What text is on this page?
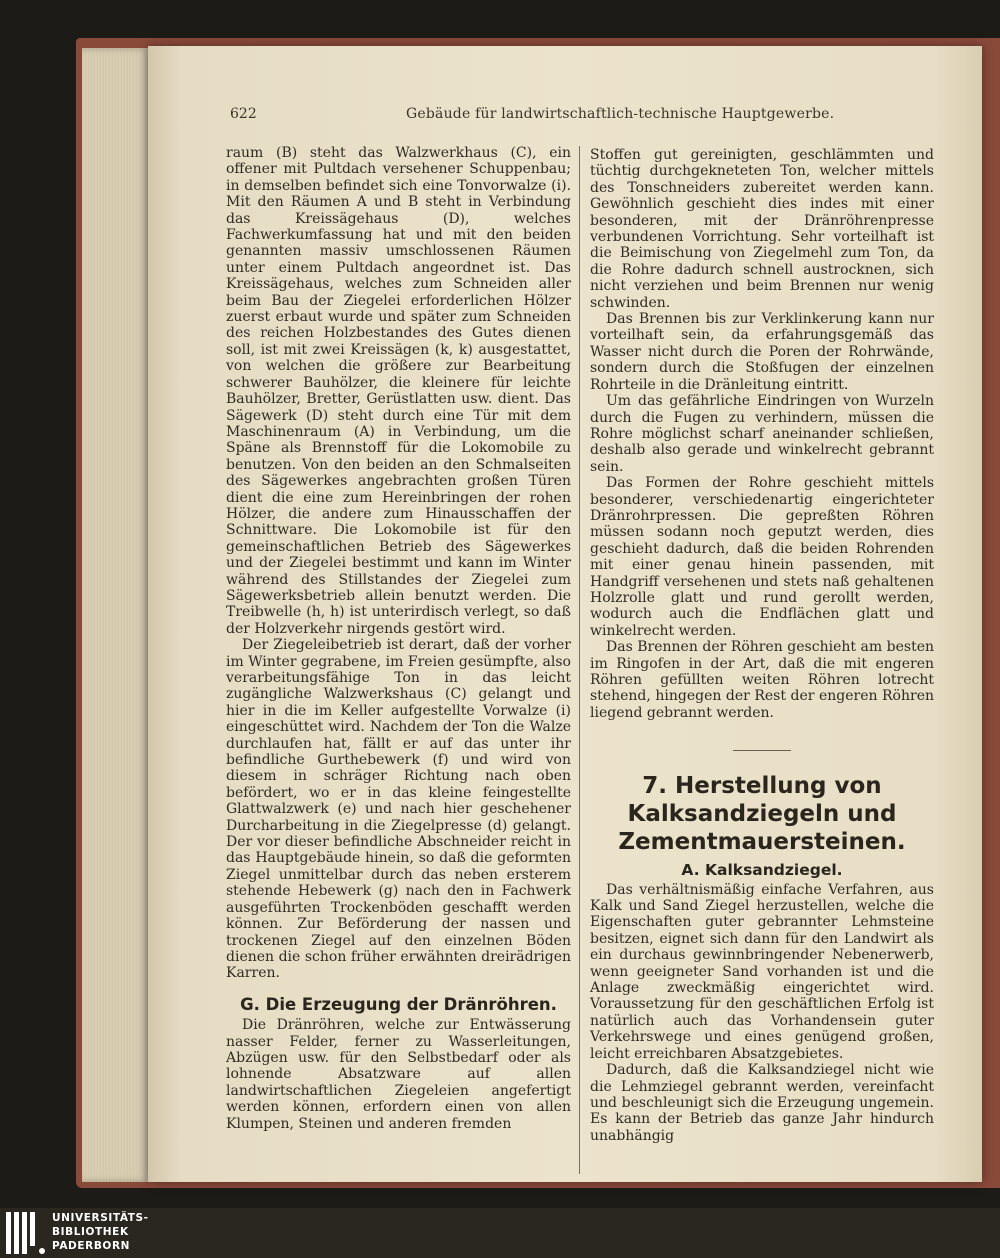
622	Gebäude für landwirtschaftlich-technische Hauptgewerbe.

raum (B) steht das Walzwerkhaus (C), ein offener mit Pultdach versehener Schuppenbau; in demselben befindet sich eine Tonvorwalze (i). Mit den Räumen A und B steht in Verbindung das Kreissägehaus (D), welches Fachwerkumfassung hat und mit den beiden genannten massiv umschlossenen Räumen unter einem Pultdach angeordnet ist. Das Kreissägehaus, welches zum Schneiden aller beim Bau der Ziegelei erforderlichen Hölzer zuerst erbaut wurde und später zum Schneiden des reichen Holzbestandes des Gutes dienen soll, ist mit zwei Kreissägen (k, k) ausgestattet, von welchen die größere zur Bearbeitung schwerer Bauhölzer, die kleinere für leichte Bauhölzer, Bretter, Gerüstlatten usw. dient. Das Sägewerk (D) steht durch eine Tür mit dem Maschinenraum (A) in Verbindung, um die Späne als Brennstoff für die Lokomobile zu benutzen. Von den beiden an den Schmalseiten des Sägewerkes angebrachten großen Türen dient die eine zum Hereinbringen der rohen Hölzer, die andere zum Hinausschaffen der Schnittware. Die Lokomobile ist für den gemeinschaftlichen Betrieb des Sägewerkes und der Ziegelei bestimmt und kann im Winter während des Stillstandes der Ziegelei zum Sägewerksbetrieb allein benutzt werden. Die Treibwelle (h, h) ist unterirdisch verlegt, so daß der Holzverkehr nirgends gestört wird.

Der Ziegeleibetrieb ist derart, daß der vorher im Winter gegrabene, im Freien gesümpfte, also verarbeitungsfähige Ton in das leicht zugängliche Walzwerkshaus (C) gelangt und hier in die im Keller aufgestellte Vorwalze (i) eingeschüttet wird. Nachdem der Ton die Walze durchlaufen hat, fällt er auf das unter ihr befindliche Gurthebewerk (f) und wird von diesem in schräger Richtung nach oben befördert, wo er in das kleine feingestellte Glattwalzwerk (e) und nach hier geschehener Durcharbeitung in die Ziegelpresse (d) gelangt. Der vor dieser befindliche Abschneider reicht in das Hauptgebäude hinein, so daß die geformten Ziegel unmittelbar durch das neben ersterem stehende Hebewerk (g) nach den in Fachwerk ausgeführten Trockenböden geschafft werden können. Zur Beförderung der nassen und trockenen Ziegel auf den einzelnen Böden dienen die schon früher erwähnten dreirädrigen Karren.

G. Die Erzeugung der Dränröhren.

Die Dränröhren, welche zur Entwässerung nasser Felder, ferner zu Wasserleitungen, Abzügen usw. für den Selbstbedarf oder als lohnende Absatzware auf allen landwirtschaftlichen Ziegeleien angefertigt werden können, erfordern einen von allen Klumpen, Steinen und anderen fremden

Stoffen gut gereinigten, geschlämmten und tüchtig durchgekneteten Ton, welcher mittels des Tonschneiders zubereitet werden kann. Gewöhnlich geschieht dies indes mit einer besonderen, mit der Dränröhrenpresse verbundenen Vorrichtung. Sehr vorteilhaft ist die Beimischung von Ziegelmehl zum Ton, da die Rohre dadurch schnell austrocknen, sich nicht verziehen und beim Brennen nur wenig schwinden.

Das Brennen bis zur Verklinkerung kann nur vorteilhaft sein, da erfahrungsgemäß das Wasser nicht durch die Poren der Rohrwände, sondern durch die Stoßfugen der einzelnen Rohrteile in die Dränleitung eintritt.

Um das gefährliche Eindringen von Wurzeln durch die Fugen zu verhindern, müssen die Rohre möglichst scharf aneinander schließen, deshalb also gerade und winkelrecht gebrannt sein.

Das Formen der Rohre geschieht mittels besonderer, verschiedenartig eingerichteter Dränrohrpressen. Die gepreßten Röhren müssen sodann noch geputzt werden, dies geschieht dadurch, daß die beiden Rohrenden mit einer genau hinein passenden, mit Handgriff versehenen und stets naß gehaltenen Holzrolle glatt und rund gerollt werden, wodurch auch die Endflächen glatt und winkelrecht werden.

Das Brennen der Röhren geschieht am besten im Ringofen in der Art, daß die mit engeren Röhren gefüllten weiten Röhren lotrecht stehend, hingegen der Rest der engeren Röhren liegend gebrannt werden.

7. Herstellung von Kalksandziegeln und Zementmauersteinen.
A. Kalksandziegel.

Das verhältnismäßig einfache Verfahren, aus Kalk und Sand Ziegel herzustellen, welche die Eigenschaften guter gebrannter Lehmsteine besitzen, eignet sich dann für den Landwirt als ein durchaus gewinnbringender Nebenerwerb, wenn geeigneter Sand vorhanden ist und die Anlage zweckmäßig eingerichtet wird. Voraussetzung für den geschäftlichen Erfolg ist natürlich auch das Vorhandensein guter Verkehrswege und eines genügend großen, leicht erreichbaren Absatzgebietes.

Dadurch, daß die Kalksandziegel nicht wie die Lehmziegel gebrannt werden, vereinfacht und beschleunigt sich die Erzeugung ungemein. Es kann der Betrieb das ganze Jahr hindurch unabhängig

UNIVERSITÄTS-
BIBLIOTHEK
PADERBORN
